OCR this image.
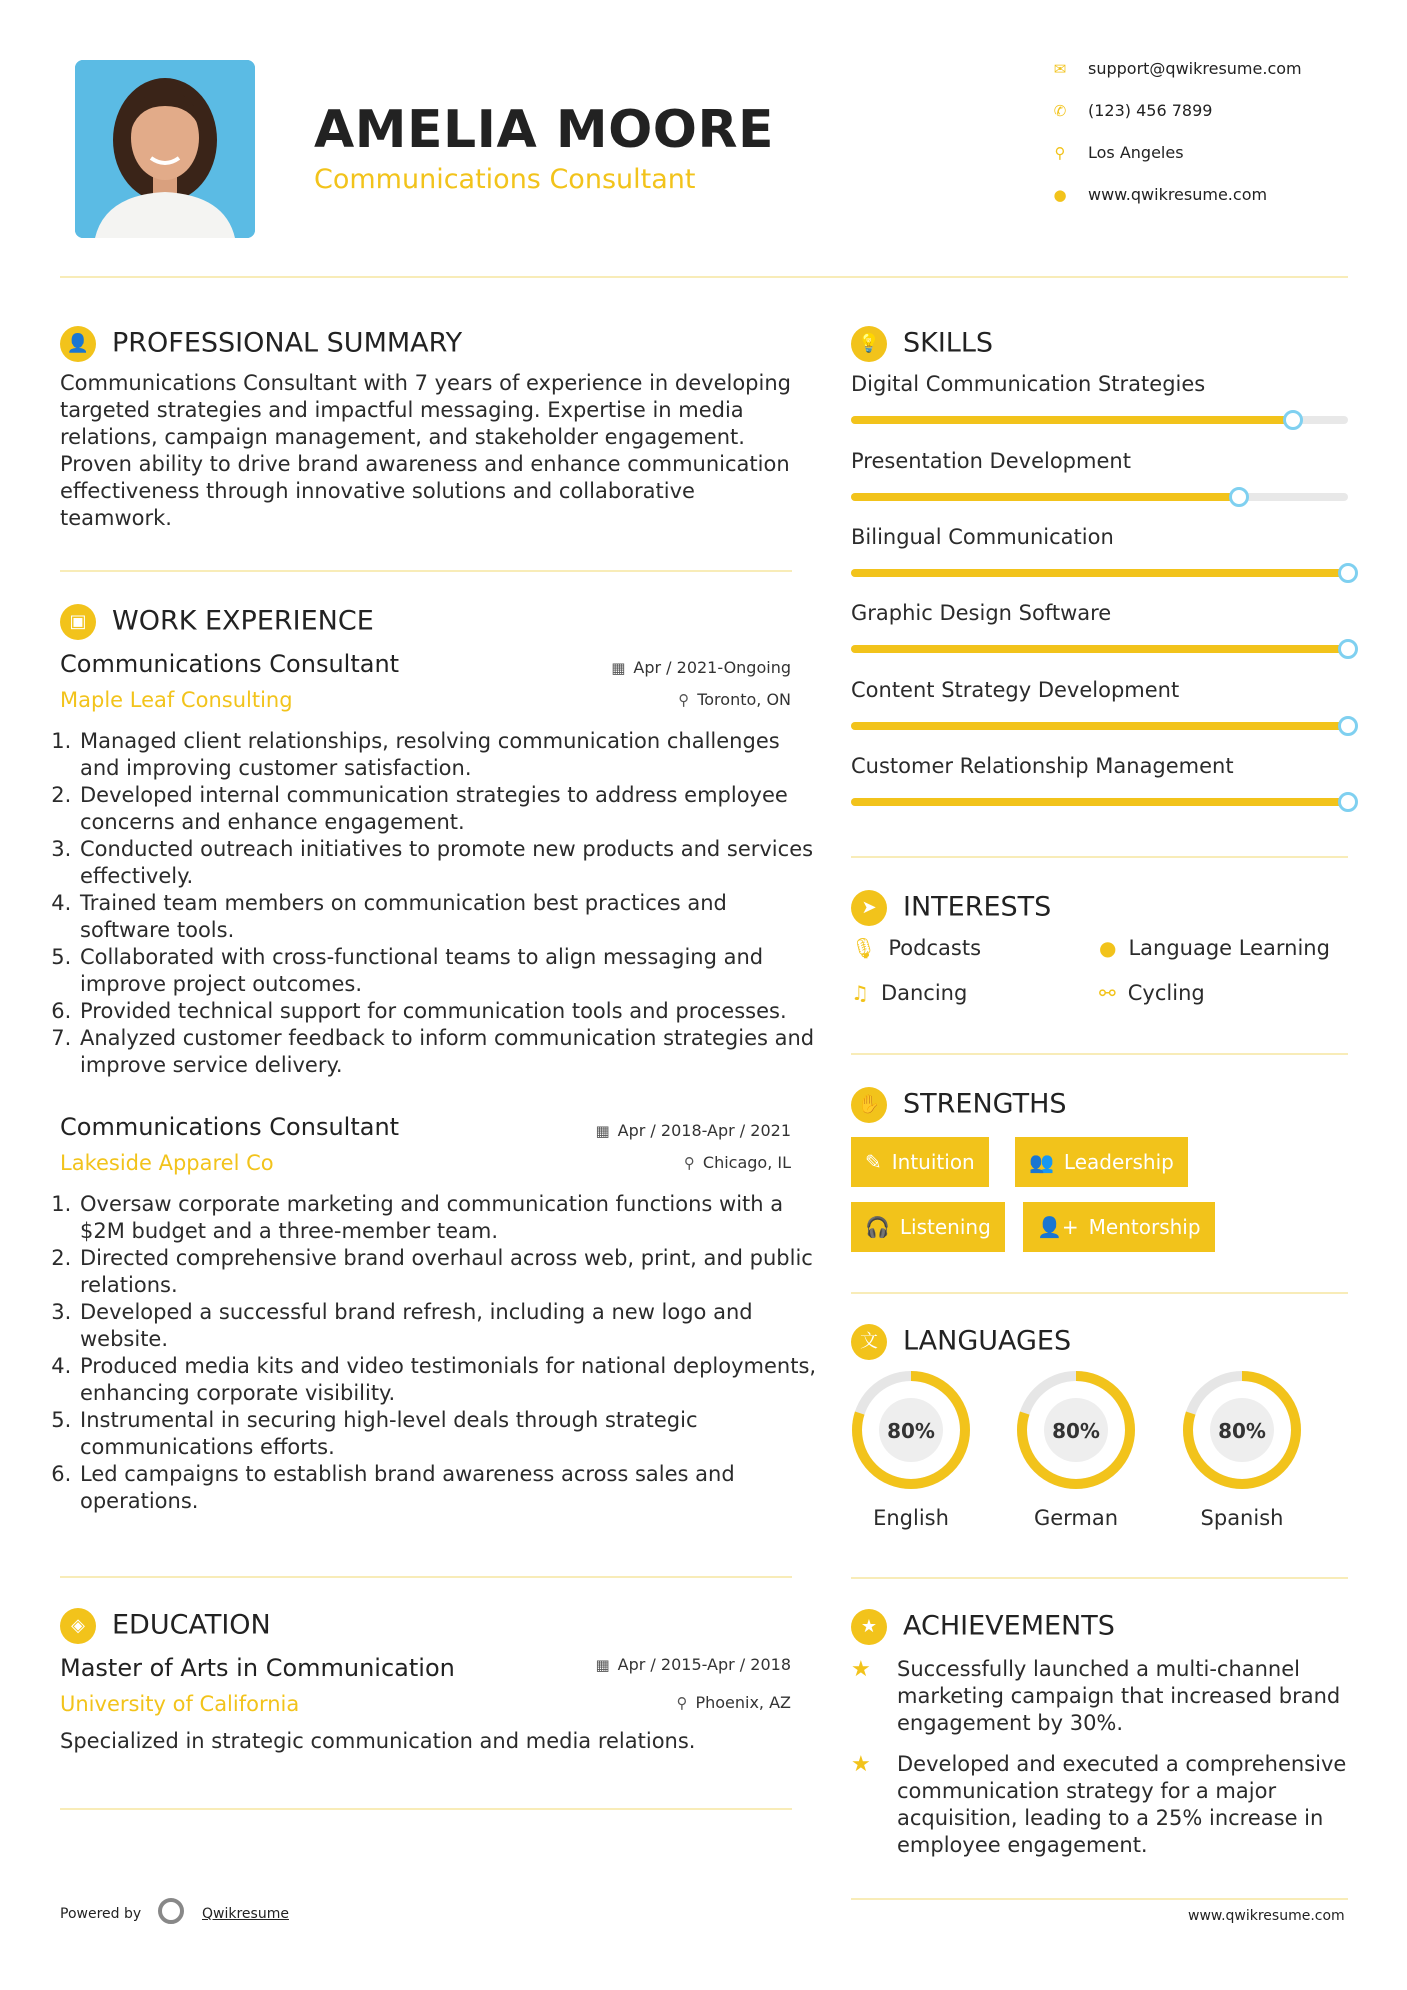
AMELIA MOORE
Communications Consultant
✉ support@qwikresume.com
✆ (123) 456 7899
⚲ Los Angeles
● www.qwikresume.com
👤 PROFESSIONAL SUMMARY
Communications Consultant with 7 years of experience in developing targeted strategies and impactful messaging. Expertise in media relations, campaign management, and stakeholder engagement. Proven ability to drive brand awareness and enhance communication effectiveness through innovative solutions and collaborative teamwork.
▣ WORK EXPERIENCE
Communications Consultant
Maple Leaf Consulting
▦ Apr / 2021-Ongoing
⚲ Toronto, ON
1. Managed client relationships, resolving communication challenges and improving customer satisfaction.
2. Developed internal communication strategies to address employee concerns and enhance engagement.
3. Conducted outreach initiatives to promote new products and services effectively.
4. Trained team members on communication best practices and software tools.
5. Collaborated with cross-functional teams to align messaging and improve project outcomes.
6. Provided technical support for communication tools and processes.
7. Analyzed customer feedback to inform communication strategies and improve service delivery.
Communications Consultant
Lakeside Apparel Co
▦ Apr / 2018-Apr / 2021
⚲ Chicago, IL
1. Oversaw corporate marketing and communication functions with a $2M budget and a three-member team.
2. Directed comprehensive brand overhaul across web, print, and public relations.
3. Developed a successful brand refresh, including a new logo and website.
4. Produced media kits and video testimonials for national deployments, enhancing corporate visibility.
5. Instrumental in securing high-level deals through strategic communications efforts.
6. Led campaigns to establish brand awareness across sales and operations.
◈ EDUCATION
Master of Arts in Communication
University of California
▦ Apr / 2015-Apr / 2018
⚲ Phoenix, AZ
Specialized in strategic communication and media relations.
💡 SKILLS
Digital Communication Strategies
Presentation Development
Bilingual Communication
Graphic Design Software
Content Strategy Development
Customer Relationship Management
➤ INTERESTS
🎙 Podcasts	● Language Learning
♫ Dancing	⚯ Cycling
✋ STRENGTHS
✎ Intuition	👥 Leadership
🎧 Listening	👤+ Mentorship
文 LANGUAGES
80%
English
80%
German
80%
Spanish
★ ACHIEVEMENTS
★ Successfully launched a multi-channel marketing campaign that increased brand engagement by 30%.
★ Developed and executed a comprehensive communication strategy for a major acquisition, leading to a 25% increase in employee engagement.
Powered by	Qwikresume	www.qwikresume.com
